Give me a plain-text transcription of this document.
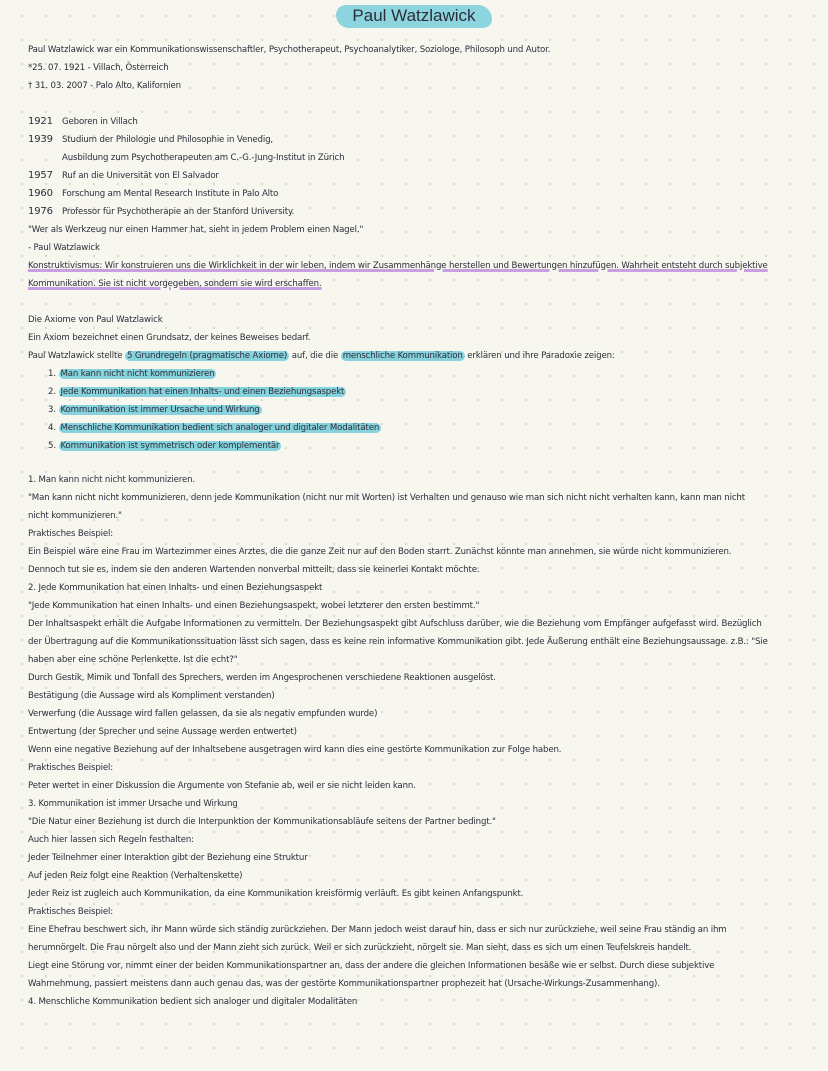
Paul Watzlawick
Paul Watzlawick war ein Kommunikationswissenschaftler, Psychotherapeut, Psychoanalytiker, Soziologe, Philosoph und Autor.
*25. 07. 1921 - Villach, Österreich
† 31. 03. 2007 - Palo Alto, Kalifornien
1921 Geboren in Villach
1939 Studium der Philologie und Philosophie in Venedig,
Ausbildung zum Psychotherapeuten am C.-G.-Jung-Institut in Zürich
1957 Ruf an die Universität von El Salvador
1960 Forschung am Mental Research Institute in Palo Alto
1976 Professor für Psychotherapie an der Stanford University.
"Wer als Werkzeug nur einen Hammer hat, sieht in jedem Problem einen Nagel."
- Paul Watzlawick
Konstruktivismus: Wir konstruieren uns die Wirklichkeit in der wir leben, indem wir Zusammenhänge herstellen und Bewertungen hinzufügen. Wahrheit entsteht durch subjektive Kommunikation. Sie ist nicht vorgegeben, sondern sie wird erschaffen.
Die Axiome von Paul Watzlawick
Ein Axiom bezeichnet einen Grundsatz, der keines Beweises bedarf.
Paul Watzlawick stellte 5 Grundregeln (pragmatische Axiome) auf, die die menschliche Kommunikation erklären und ihre Paradoxie zeigen:
1. Man kann nicht nicht kommunizieren
2. Jede Kommunikation hat einen Inhalts- und einen Beziehungsaspekt
3. Kommunikation ist immer Ursache und Wirkung
4. Menschliche Kommunikation bedient sich analoger und digitaler Modalitäten
5. Kommunikation ist symmetrisch oder komplementär
1. Man kann nicht nicht kommunizieren.
"Man kann nicht nicht kommunizieren, denn jede Kommunikation (nicht nur mit Worten) ist Verhalten und genauso wie man sich nicht nicht verhalten kann, kann man nicht nicht kommunizieren."
Praktisches Beispiel:
Ein Beispiel wäre eine Frau im Wartezimmer eines Arztes, die die ganze Zeit nur auf den Boden starrt. Zunächst könnte man annehmen, sie würde nicht kommunizieren. Dennoch tut sie es, indem sie den anderen Wartenden nonverbal mitteilt, dass sie keinerlei Kontakt möchte.
2. Jede Kommunikation hat einen Inhalts- und einen Beziehungsaspekt
"Jede Kommunikation hat einen Inhalts- und einen Beziehungsaspekt, wobei letzterer den ersten bestimmt."
Der Inhaltsaspekt erhält die Aufgabe Informationen zu vermitteln. Der Beziehungsaspekt gibt Aufschluss darüber, wie die Beziehung vom Empfänger aufgefasst wird. Bezüglich der Übertragung auf die Kommunikationssituation lässt sich sagen, dass es keine rein informative Kommunikation gibt. Jede Äußerung enthält eine Beziehungsaussage. z.B.: "Sie haben aber eine schöne Perlenkette. Ist die echt?"
Durch Gestik, Mimik und Tonfall des Sprechers, werden im Angesprochenen verschiedene Reaktionen ausgelöst.
Bestätigung (die Aussage wird als Kompliment verstanden)
Verwerfung (die Aussage wird fallen gelassen, da sie als negativ empfunden wurde)
Entwertung (der Sprecher und seine Aussage werden entwertet)
Wenn eine negative Beziehung auf der Inhaltsebene ausgetragen wird kann dies eine gestörte Kommunikation zur Folge haben.
Praktisches Beispiel:
Peter wertet in einer Diskussion die Argumente von Stefanie ab, weil er sie nicht leiden kann.
3. Kommunikation ist immer Ursache und Wirkung
"Die Natur einer Beziehung ist durch die Interpunktion der Kommunikationsabläufe seitens der Partner bedingt."
Auch hier lassen sich Regeln festhalten:
Jeder Teilnehmer einer Interaktion gibt der Beziehung eine Struktur
Auf jeden Reiz folgt eine Reaktion (Verhaltenskette)
Jeder Reiz ist zugleich auch Kommunikation, da eine Kommunikation kreisförmig verläuft. Es gibt keinen Anfangspunkt.
Praktisches Beispiel:
Eine Ehefrau beschwert sich, ihr Mann würde sich ständig zurückziehen. Der Mann jedoch weist darauf hin, dass er sich nur zurückziehe, weil seine Frau ständig an ihm herumnörgelt. Die Frau nörgelt also und der Mann zieht sich zurück. Weil er sich zurückzieht, nörgelt sie. Man sieht, dass es sich um einen Teufelskreis handelt.
Liegt eine Störung vor, nimmt einer der beiden Kommunikationspartner an, dass der andere die gleichen Informationen besäße wie er selbst. Durch diese subjektive Wahrnehmung, passiert meistens dann auch genau das, was der gestörte Kommunikationspartner prophezeit hat (Ursache-Wirkungs-Zusammenhang).
4. Menschliche Kommunikation bedient sich analoger und digitaler Modalitäten
